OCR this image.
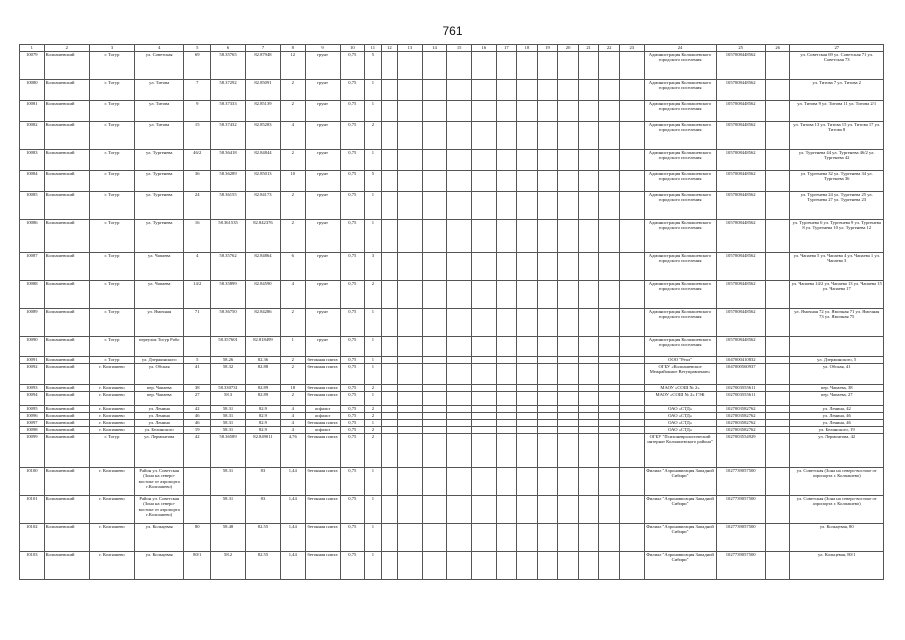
761
1	2	3	4	5	6	7	8	9	10	11	12	13	14	15	16	17	18	19	20	21	22	23	24	25	26	27
10079	Колпашевский	г. Тогур	ул. Советская	69	58.35765	82.87948	12	грунт	0,75	5													Администрация Колпашевского городского поселения	1057008448562		ул. Советская 69 ул. Советская 71 ул. Советская 73
10080	Колпашевский	г. Тогур	ул. Титова	7	58.37292	82.85091	2	грунт	0,75	1													Администрация Колпашевского городского поселения	1057008448562		ул. Титова 7 ул. Титова 2
10081	Колпашевский	г. Тогур	ул. Титова	9	58.37333	82.85139	2	грунт	0,75	1													Администрация Колпашевского городского поселения	1057008448562		ул. Титова 9 ул. Титова 11 ул. Титова 2/1
10082	Колпашевский	г. Тогур	ул. Титова	15	58.37432	82.85283	4	грунт	0,75	2													Администрация Колпашевского городского поселения	1057008448562		ул. Титова 13 ул. Титова 15 ул. Титова 17 ул. Титова 8
10083	Колпашевский	г. Тогур	ул. Тургенева	46/2	58.36418	82.84844	2	грунт	0,75	1													Администрация Колпашевского городского поселения	1057008448562		ул. Тургенева 44 ул. Тургенева 46/2 ул. Тургенева 42
10084	Колпашевский	г. Тогур	ул. Тургенева	36	58.36289	82.85013	10	грунт	0,75	5													Администрация Колпашевского городского поселения	1057008448562		ул. Тургенева 32 ул. Тургенева 34 ул. Тургенева 36
10085	Колпашевский	г. Тогур	ул. Тургенева	24	58.36155	82.84173	2	грунт	0,75	1													Администрация Колпашевского городского поселения	1057008448562		ул. Тургенева 24 ул. Тургенева 25 ул. Тургенева 27 ул. Тургенева 23
10086	Колпашевский	г. Тогур	ул. Тургенева	16	58.361535	82.842376	2	грунт	0,75	1													Администрация Колпашевского городского поселения	1057008448562		ул. Тургенева 6 ул. Тургенева 9 ул. Тургенева 8 ул. Тургенева 10 ул. Тургенева 12
10087	Колпашевский	г. Тогур	ул. Чапаева	4	58.35762	82.84864	6	грунт	0,75	3													Администрация Колпашевского городского поселения	1057008448562		ул. Чапаева 5 ул. Чапаева 4 ул. Чапаева 1 ул. Чапаева 3
10088	Колпашевский	г. Тогур	ул. Чапаева	14/2	58.35899	82.84590	4	грунт	0,75	2													Администрация Колпашевского городского поселения	1057008448562		ул. Чапаева 14/2 ул. Чапаева 13 ул. Чапаева 15 ул. Чапаева 17
10089	Колпашевский	г. Тогур	ул. Ямочная	71	58.36750	82.84286	2	грунт	0,75	1													Администрация Колпашевского городского поселения	1057008448562		ул. Ямочная 72 ул. Ямочная 71 ул. Ямочная 73 ул. Ямочная 75
10090	Колпашевский	г. Тогур	переулок Тогур Рабо		58.357601	82.818499	1	грунт	0,75	1													Администрация Колпашевского городского поселения	1057008448562		
10091	Колпашевский	г. Тогур	ул. Дзержинского	5	58.26	82.36	2	бетонная плита	0,75	1													ООО "Реал"	1047000410832		ул. Дзержинского, 5
10092	Колпашевский	г. Колпашево	ул. Обская	41	58.32	82.88	2	бетонная плита	0,75	1													ОГБУ «Колпашевское Межрайонное Ветуправление»	1047000560937		ул. Обская, 41
10093	Колпашевский	г. Колпашево	пер. Чапаева	38	58.330731	82.89	18	бетонная плита	0,75	2													МАОУ «СОШ № 2»	1027003555611		пер. Чапаева, 38
10094	Колпашевский	г. Колпашево	пер. Чапаева	27	58.3	82.89	2	бетонная плита	0,75	1													МАОУ «СОШ № 2» ГЭК	1027003555611		пер. Чапаева, 27
10095	Колпашевский	г. Колпашево	ул. Ленина	42	58.31	82.9	4	асфальт	0,75	2													ОАО «СТД»	1027003582762		ул. Ленина, 42
10096	Колпашевский	г. Колпашево	ул. Ленина	46	58.31	82.9	4	асфальт	0,75	2													ОАО «СТД»	1027003582762		ул. Ленина, 46
10097	Колпашевский	г. Колпашево	ул. Ленина	46	58.31	82.9	4	бетонная плита	0,75	1													ОАО «СТД»	1027003582762		ул. Ленина, 46
10098	Колпашевский	г. Колпашево	ул. Белинского	19	58.31	82.9	4	асфальт	0,75	2													ОАО «СТД»	1027003582762		ул. Белинского, 19
10099	Колпашевский	г. Тогур	ул. Лермонтова	42	58.36589	82.849011	4,76	бетонная плита	0,75	2													ОГБУ "Психоневрологический интернат Колпашевского района"	1027003554929		ул. Лермонтова, 42
10100	Колпашевский	г. Колпашево	Район ул. Советская (Зона на северо-востоке от аэропорта г.Колпашево)		58.31	83	1,44	бетонная плита	0,75	1													Филиал "Аэронавигация Западной Сибири"	1027739057500		ул. Советская (Зона на северо-востоке от аэропорта г. Колпашево)
10101	Колпашевский	г. Колпашево	Район ул. Советская (Зона на северо-востоке от аэропорта г.Колпашево)		58.31	83	1,44	бетонная плита	0,75	1													Филиал "Аэронавигация Западной Сибири"	1027739057500		ул. Советская (Зона на северо-востоке от аэропорта г. Колпашево)
10102	Колпашевский	г. Колпашево	ул. Кольцевая	80	58.48	82.55	1,44	бетонная плита	0,75	1													Филиал "Аэронавигация Западной Сибири"	1027739057500		ул. Кольцевая, 80
10103	Колпашевский	г. Колпашево	ул. Кольцевая	80/1	58.2	82.55	1,44	бетонная плита	0,75	1													Филиал "Аэронавигация Западной Сибири"	1027739057500		ул. Кольцевая, 80/1
